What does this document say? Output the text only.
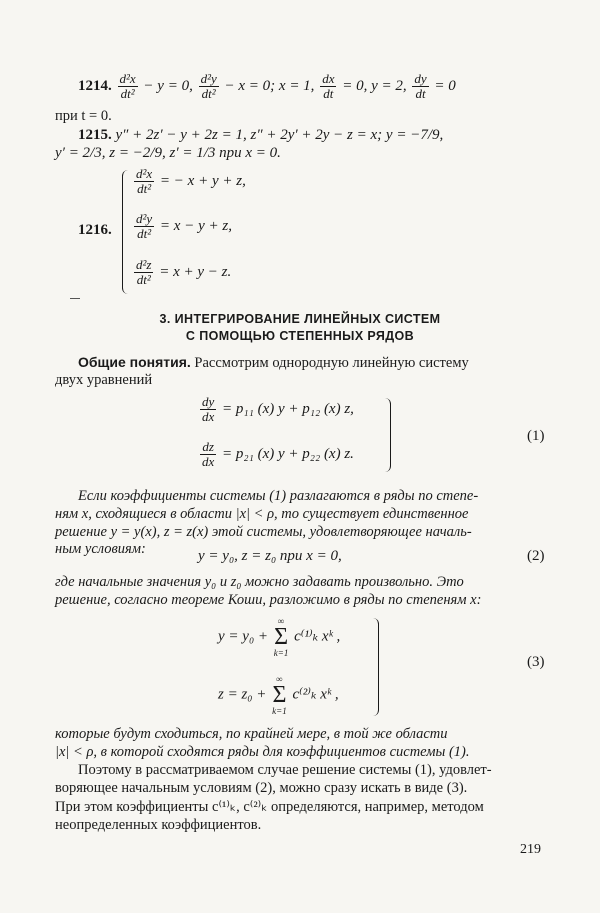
1214. $\frac{\text{d²x}}{\text{dt²}} - y = 0$, $\frac{\text{d²y}}{\text{dt²}} - x = 0$; x = 1, $\frac{dx}{dt} = 0$, y = 2, $\frac{dy}{dt} = 0$
при t = 0.
1215. y″ + 2z′ − y + 2z = 1, z″ + 2y′ + 2y − z = x; y = −7/9,
y′ = 2/3, z = −2/9, z′ = 1/3 при x = 0.
1216.
$\frac{\text{d²x}}{\text{dt²}}$ = − x + y + z,
$\frac{\text{d²y}}{\text{dt²}} = x - y + z$,
$\frac{\text{d²z}}{\text{dt²}} = x + y - z$.
3. ИНТЕГРИРОВАНИЕ ЛИНЕЙНЫХ СИСТЕМ
С ПОМОЩЬЮ СТЕПЕННЫХ РЯДОВ
Общие понятия. Рассмотрим однородную линейную систему
двух уравнений
$\frac{dy}{dx} = p_{11}$ (x) y + p₁₂ (x) z,
$\frac{dz}{dx} = p_{21}$ (x) y + p₂₂ (x) z.
(1)
Если коэффициенты системы (1) разлагаются в ряды по степе-
ням x, сходящиеся в области |x| < ρ, то существует единственное
решение y = y(x), z = z(x) этой системы, удовлетворяющее началь-
ным условиям:	y = y₀, z = z₀ при x = 0,	(2)
где начальные значения y₀ и z₀ можно задавать произвольно. Это
решение, согласно теореме Коши, разложимо в ряды по степеням x:
y = y₀ +
∞
Σ
k=1
c⁽¹⁾ₖ xᵏ ,
z = z₀ +
∞
Σ
k=1
c⁽²⁾ₖ xᵏ ,
(3)
которые будут сходиться, по крайней мере, в той же области
|x| < ρ, в которой сходятся ряды для коэффициентов системы (1).
Поэтому в рассматриваемом случае решение системы (1), удовлет-
воряющее начальным условиям (2), можно сразу искать в виде (3).
При этом коэффициенты c⁽¹⁾ₖ, c⁽²⁾ₖ определяются, например, методом
неопределенных коэффициентов.
219
